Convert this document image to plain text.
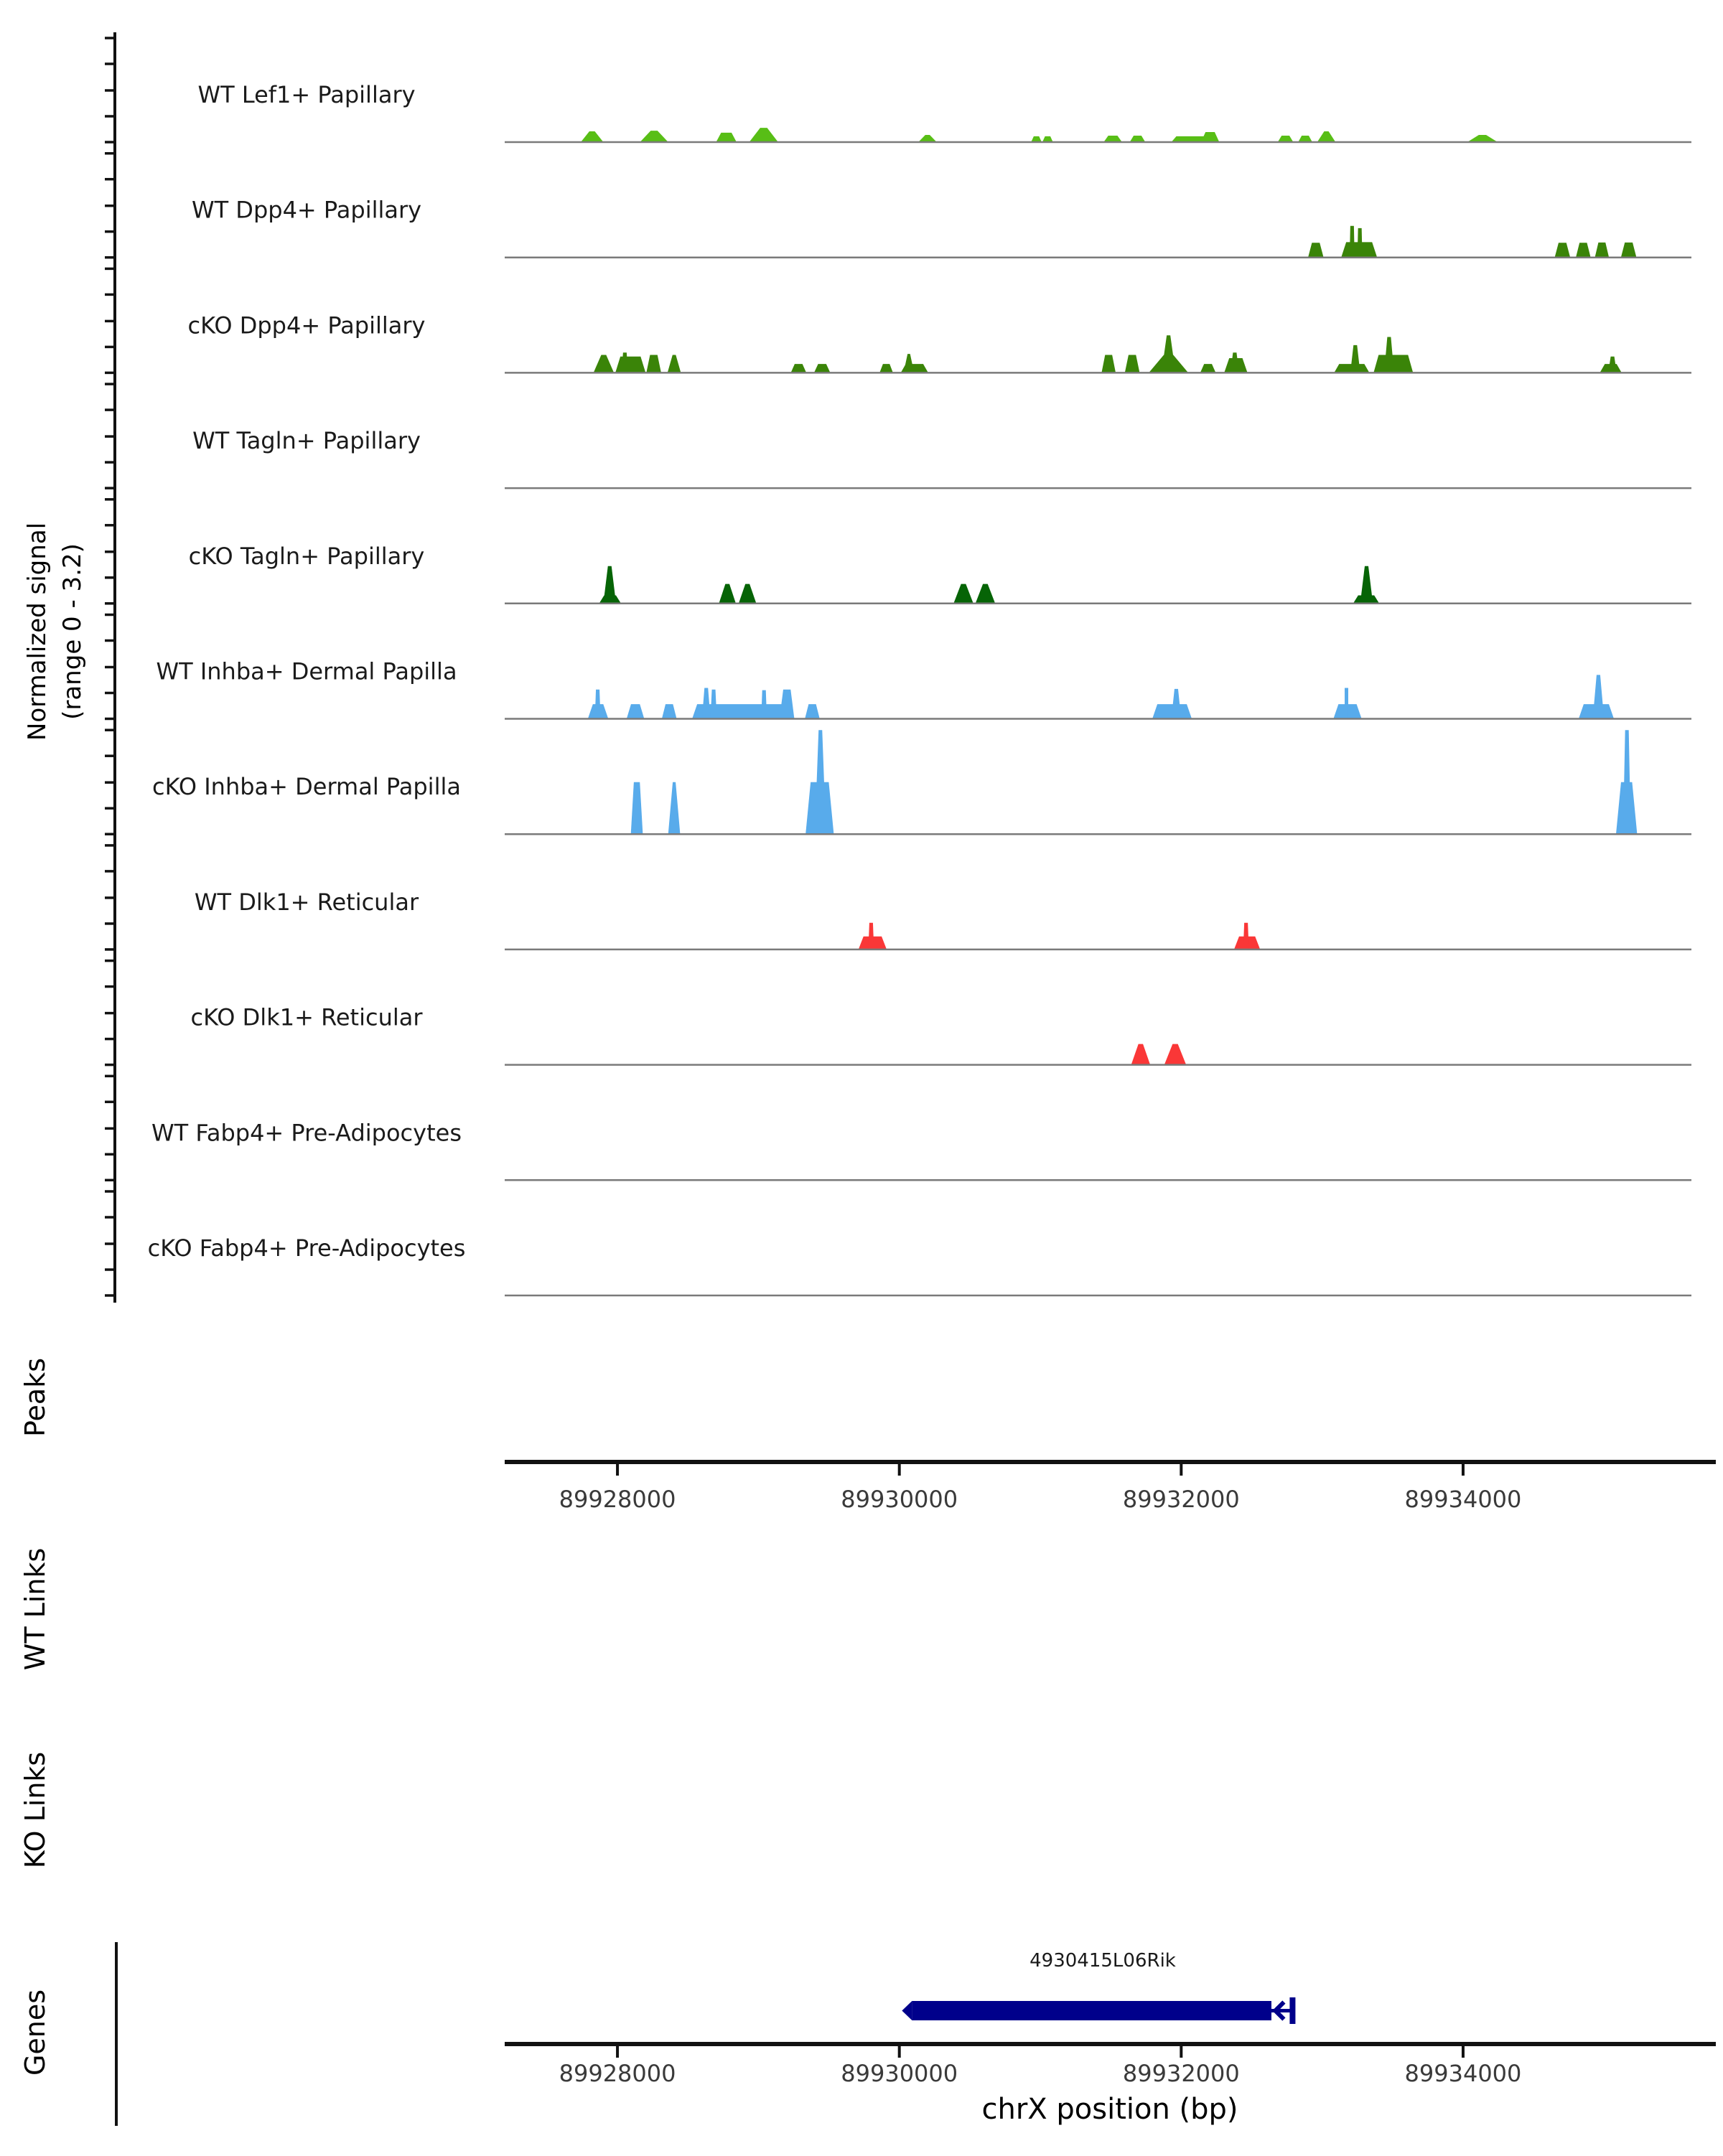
Normalized signal (range 0 - 3.2)
WT Lef1+ Papillary
WT Dpp4+ Papillary
cKO Dpp4+ Papillary
WT Tagln+ Papillary
cKO Tagln+ Papillary
WT Inhba+ Dermal Papilla
cKO Inhba+ Dermal Papilla
WT Dlk1+ Reticular
cKO Dlk1+ Reticular
WT Fabp4+ Pre-Adipocytes
cKO Fabp4+ Pre-Adipocytes
Peaks
WT Links
KO Links
Genes
89928000	89930000	89932000	89934000
4930415L06Rik
89928000	89930000	89932000	89934000
chrX position (bp)
